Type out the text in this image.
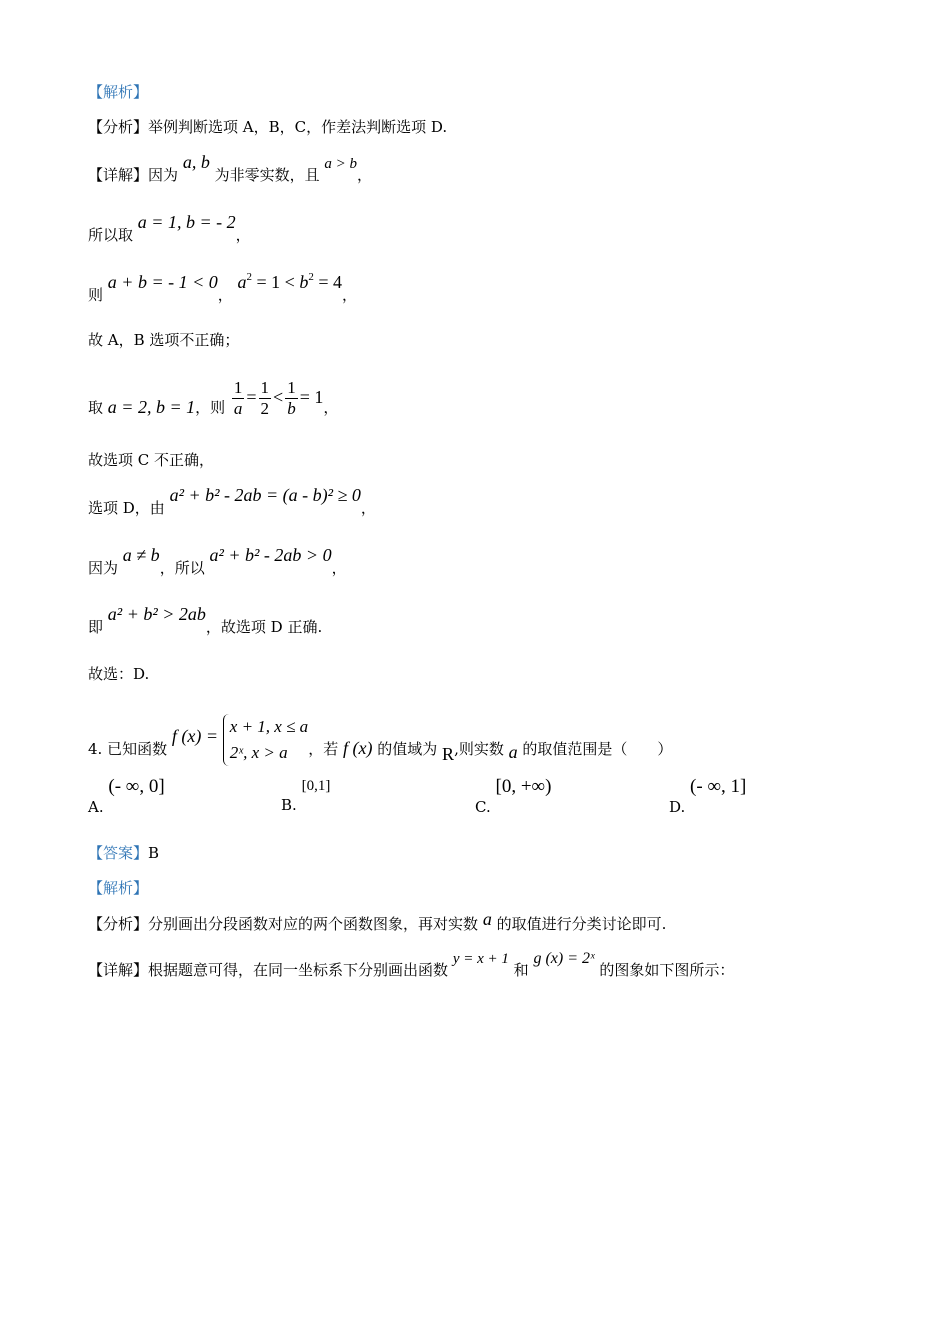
【解析】
【分析】举例判断选项 A，B，C，作差法判断选项 D.
【详解】因为 a, b 为非零实数，且 a > b，
所以取 a = 1, b = - 2，
则 a + b = - 1 < 0， $a^2 = 1 < b^2 = 4$，
故 A，B 选项不正确；
取 a = 2, b = 1，则 $\frac{1}{a} = \frac{1}{2} < \frac{1}{b} = 1$，
故选项 C 不正确，
选项 D，由 a² + b² - 2ab = (a - b)² ≥ 0，
因为 a ≠ b，所以 a² + b² - 2ab > 0，
即 a² + b² > 2ab，故选项 D 正确.
故选：D.
4. 已知函数 f (x) = x + 1, x ≤ a
2ˣ, x > a	，若 f (x) 的值域为 R,则实数 a 的取值范围是（　　）
A. (- ∞, 0]
B. [0,1]
C. [0, +∞)
D. (- ∞, 1]
【答案】B
【解析】
【分析】分别画出分段函数对应的两个函数图象，再对实数 a 的取值进行分类讨论即可.
【详解】根据题意可得，在同一坐标系下分别画出函数 y = x + 1 和 g (x) = 2ˣ 的图象如下图所示：
